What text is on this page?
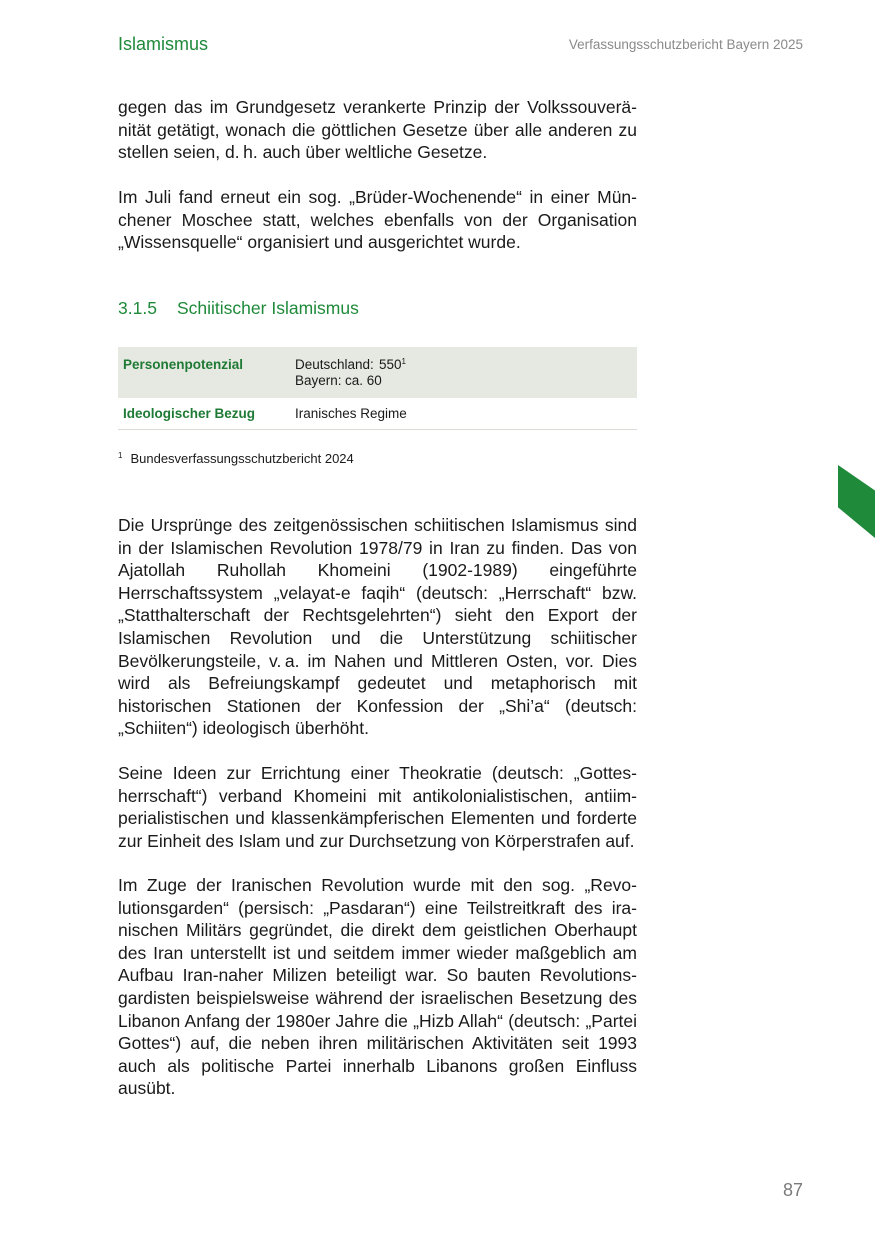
Islamismus	Verfassungsschutzbericht Bayern 2025

gegen das im Grundgesetz verankerte Prinzip der Volkssouveränität getätigt, wonach die göttlichen Gesetze über alle anderen zu stellen seien, d. h. auch über weltliche Gesetze.

Im Juli fand erneut ein sog. „Brüder-Wochenende“ in einer Münchener Moschee statt, welches ebenfalls von der Organisation „Wissensquelle“ organisiert und ausgerichtet wurde.

3.1.5 Schiitischer Islamismus
Personenpotenzial	Deutschland: $550^1$
Bayern: ca. 60

Ideologischer Bezug	Iranisches Regime
$^1$ Bundesverfassungsschutzbericht 2024

Die Ursprünge des zeitgenössischen schiitischen Islamismus sind in der Islamischen Revolution 1978/79 in Iran zu finden. Das von Ajatollah Ruhollah Khomeini (1902-1989) eingeführte Herrschaftssystem „velayat-e faqih“ (deutsch: „Herrschaft“ bzw. „Statthalterschaft der Rechtsgelehrten“) sieht den Export der Islamischen Revolution und die Unterstützung schiitischer Bevölkerungsteile, v. a. im Nahen und Mittleren Osten, vor. Dies wird als Befreiungskampf gedeutet und metaphorisch mit historischen Stationen der Konfession der „Shi’a“ (deutsch: „Schiiten“) ideologisch überhöht.

Seine Ideen zur Errichtung einer Theokratie (deutsch: „Gottesherrschaft“) verband Khomeini mit antikolonialistischen, antiimperialistischen und klassenkämpferischen Elementen und forderte zur Einheit des Islam und zur Durchsetzung von Körperstrafen auf.

Im Zuge der Iranischen Revolution wurde mit den sog. „Revolutionsgarden“ (persisch: „Pasdaran“) eine Teilstreitkraft des iranischen Militärs gegründet, die direkt dem geistlichen Oberhaupt des Iran unterstellt ist und seitdem immer wieder maßgeblich am Aufbau Iran-naher Milizen beteiligt war. So bauten Revolutionsgardisten beispielsweise während der israelischen Besetzung des Libanon Anfang der 1980er Jahre die „Hizb Allah“ (deutsch: „Partei Gottes“) auf, die neben ihren militärischen Aktivitäten seit 1993 auch als politische Partei innerhalb Libanons großen Einfluss ausübt.

87
